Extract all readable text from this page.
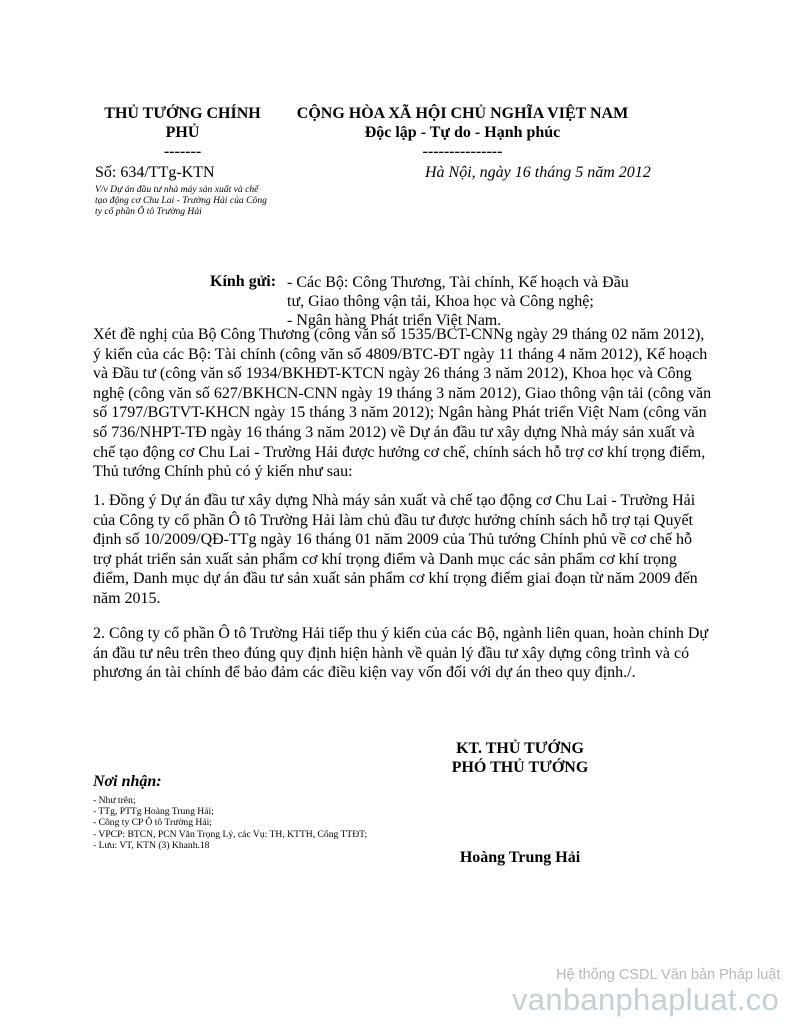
THỦ TƯỚNG CHÍNH
PHỦ
-------
CỘNG HÒA XÃ HỘI CHỦ NGHĨA VIỆT NAM
Độc lập - Tự do - Hạnh phúc
---------------
Số: 634/TTg-KTN
V/v Dự án đầu tư nhà máy sản xuất và chế tạo động cơ Chu Lai - Trường Hải của Công ty cổ phần Ô tô Trường Hải
Hà Nội, ngày 16 tháng 5 năm 2012
Kính gửi: - Các Bộ: Công Thương, Tài chính, Kế hoạch và Đầu tư, Giao thông vận tải, Khoa học và Công nghệ;
- Ngân hàng Phát triển Việt Nam.
Xét đề nghị của Bộ Công Thương (công văn số 1535/BCT-CNNg ngày 29 tháng 02 năm 2012), ý kiến của các Bộ: Tài chính (công văn số 4809/BTC-ĐT ngày 11 tháng 4 năm 2012), Kế hoạch và Đầu tư (công văn số 1934/BKHĐT-KTCN ngày 26 tháng 3 năm 2012), Khoa học và Công nghệ (công văn số 627/BKHCN-CNN ngày 19 tháng 3 năm 2012), Giao thông vận tải (công văn số 1797/BGTVT-KHCN ngày 15 tháng 3 năm 2012); Ngân hàng Phát triển Việt Nam (công văn số 736/NHPT-TĐ ngày 16 tháng 3 năm 2012) về Dự án đầu tư xây dựng Nhà máy sản xuất và chế tạo động cơ Chu Lai - Trường Hải được hưởng cơ chế, chính sách hỗ trợ cơ khí trọng điểm, Thủ tướng Chính phủ có ý kiến như sau:
1. Đồng ý Dự án đầu tư xây dựng Nhà máy sản xuất và chế tạo động cơ Chu Lai - Trường Hải của Công ty cổ phần Ô tô Trường Hải làm chủ đầu tư được hưởng chính sách hỗ trợ tại Quyết định số 10/2009/QĐ-TTg ngày 16 tháng 01 năm 2009 của Thủ tướng Chính phủ về cơ chế hỗ trợ phát triển sản xuất sản phẩm cơ khí trọng điểm và Danh mục các sản phẩm cơ khí trọng điểm, Danh mục dự án đầu tư sản xuất sản phẩm cơ khí trọng điểm giai đoạn từ năm 2009 đến năm 2015.
2. Công ty cổ phần Ô tô Trường Hải tiếp thu ý kiến của các Bộ, ngành liên quan, hoàn chỉnh Dự án đầu tư nêu trên theo đúng quy định hiện hành về quản lý đầu tư xây dựng công trình và có phương án tài chính để bảo đảm các điều kiện vay vốn đối với dự án theo quy định./.
KT. THỦ TƯỚNG
PHÓ THỦ TƯỚNG
Hoàng Trung Hải
Nơi nhận:
- Như trên;
- TTg, PTTg Hoàng Trung Hải;
- Công ty CP Ô tô Trường Hải;
- VPCP: BTCN, PCN Văn Trọng Lý, các Vụ: TH, KTTH, Cổng TTĐT;
- Lưu: VT, KTN (3) Khanh.18
Hệ thống CSDL Văn bản Pháp luật
vanbanphapluat.co
